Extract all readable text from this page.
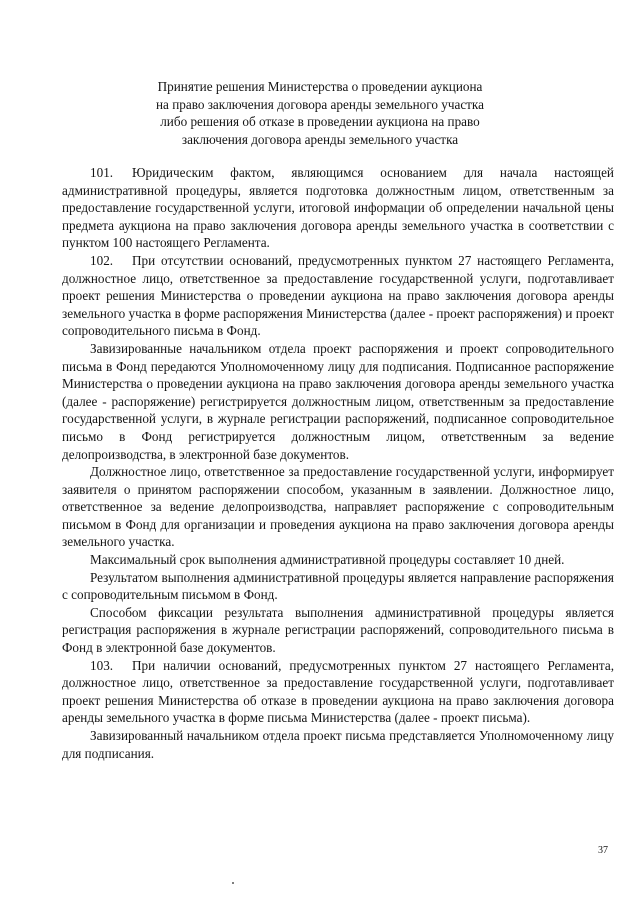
Принятие решения Министерства о проведении аукциона
на право заключения договора аренды земельного участка
либо решения об отказе в проведении аукциона на право
заключения договора аренды земельного участка

101. Юридическим фактом, являющимся основанием для начала настоящей административной процедуры, является подготовка должностным лицом, ответственным за предоставление государственной услуги, итоговой информации об определении начальной цены предмета аукциона на право заключения договора аренды земельного участка в соответствии с пунктом 100 настоящего Регламента.

102. При отсутствии оснований, предусмотренных пунктом 27 настоящего Регламента, должностное лицо, ответственное за предоставление государственной услуги, подготавливает проект решения Министерства о проведении аукциона на право заключения договора аренды земельного участка в форме распоряжения Министерства (далее - проект распоряжения) и проект сопроводительного письма в Фонд.

Завизированные начальником отдела проект распоряжения и проект сопроводительного письма в Фонд передаются Уполномоченному лицу для подписания. Подписанное распоряжение Министерства о проведении аукциона на право заключения договора аренды земельного участка (далее - распоряжение) регистрируется должностным лицом, ответственным за предоставление государственной услуги, в журнале регистрации распоряжений, подписанное сопроводительное письмо в Фонд регистрируется должностным лицом, ответственным за ведение делопроизводства, в электронной базе документов.

Должностное лицо, ответственное за предоставление государственной услуги, информирует заявителя о принятом распоряжении способом, указанным в заявлении. Должностное лицо, ответственное за ведение делопроизводства, направляет распоряжение с сопроводительным письмом в Фонд для организации и проведения аукциона на право заключения договора аренды земельного участка.

Максимальный срок выполнения административной процедуры составляет 10 дней.

Результатом выполнения административной процедуры является направление распоряжения с сопроводительным письмом в Фонд.

Способом фиксации результата выполнения административной процедуры является регистрация распоряжения в журнале регистрации распоряжений, сопроводительного письма в Фонд в электронной базе документов.

103. При наличии оснований, предусмотренных пунктом 27 настоящего Регламента, должностное лицо, ответственное за предоставление государственной услуги, подготавливает проект решения Министерства об отказе в проведении аукциона на право заключения договора аренды земельного участка в форме письма Министерства (далее - проект письма).

Завизированный начальником отдела проект письма представляется Уполномоченному лицу для подписания.

37
